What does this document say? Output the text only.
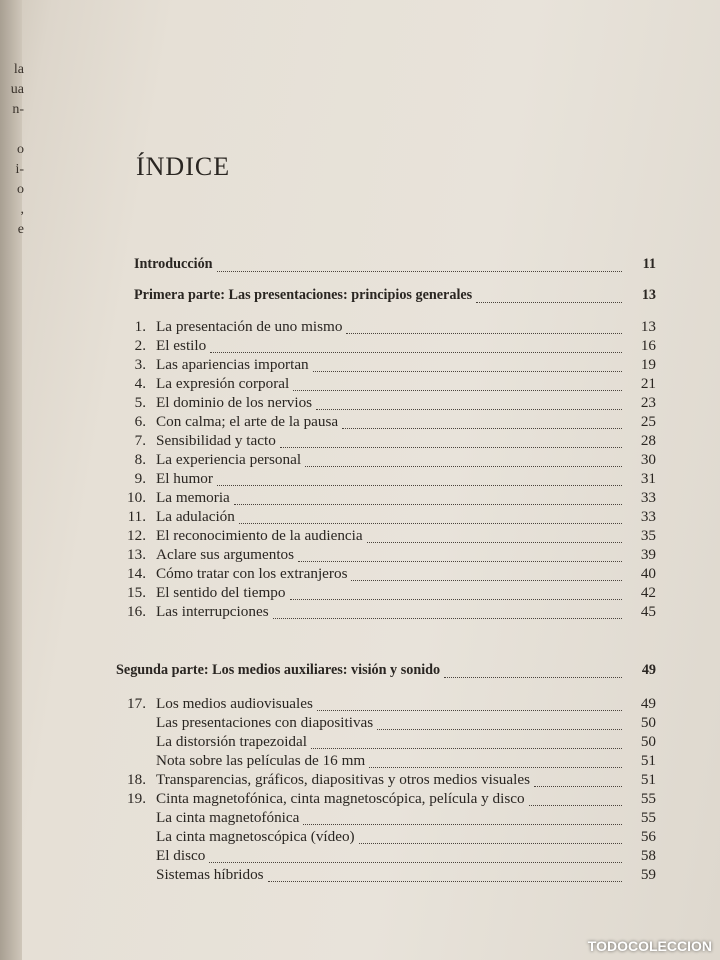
la
ua
n-
o
i-
o
,
e
ÍNDICE
Introducción	11
Primera parte: Las presentaciones: principios generales	13
1. La presentación de uno mismo	13
2. El estilo	16
3. Las apariencias importan	19
4. La expresión corporal	21
5. El dominio de los nervios	23
6. Con calma; el arte de la pausa	25
7. Sensibilidad y tacto	28
8. La experiencia personal	30
9. El humor	31
10. La memoria	33
11. La adulación	33
12. El reconocimiento de la audiencia	35
13. Aclare sus argumentos	39
14. Cómo tratar con los extranjeros	40
15. El sentido del tiempo	42
16. Las interrupciones	45
Segunda parte: Los medios auxiliares: visión y sonido	49
17. Los medios audiovisuales	49
Las presentaciones con diapositivas	50
La distorsión trapezoidal	50
Nota sobre las películas de 16 mm	51
18. Transparencias, gráficos, diapositivas y otros medios visuales	51
19. Cinta magnetofónica, cinta magnetoscópica, película y disco	55
La cinta magnetofónica	55
La cinta magnetoscópica (vídeo)	56
El disco	58
Sistemas híbridos	59
TODOCOLECCION
